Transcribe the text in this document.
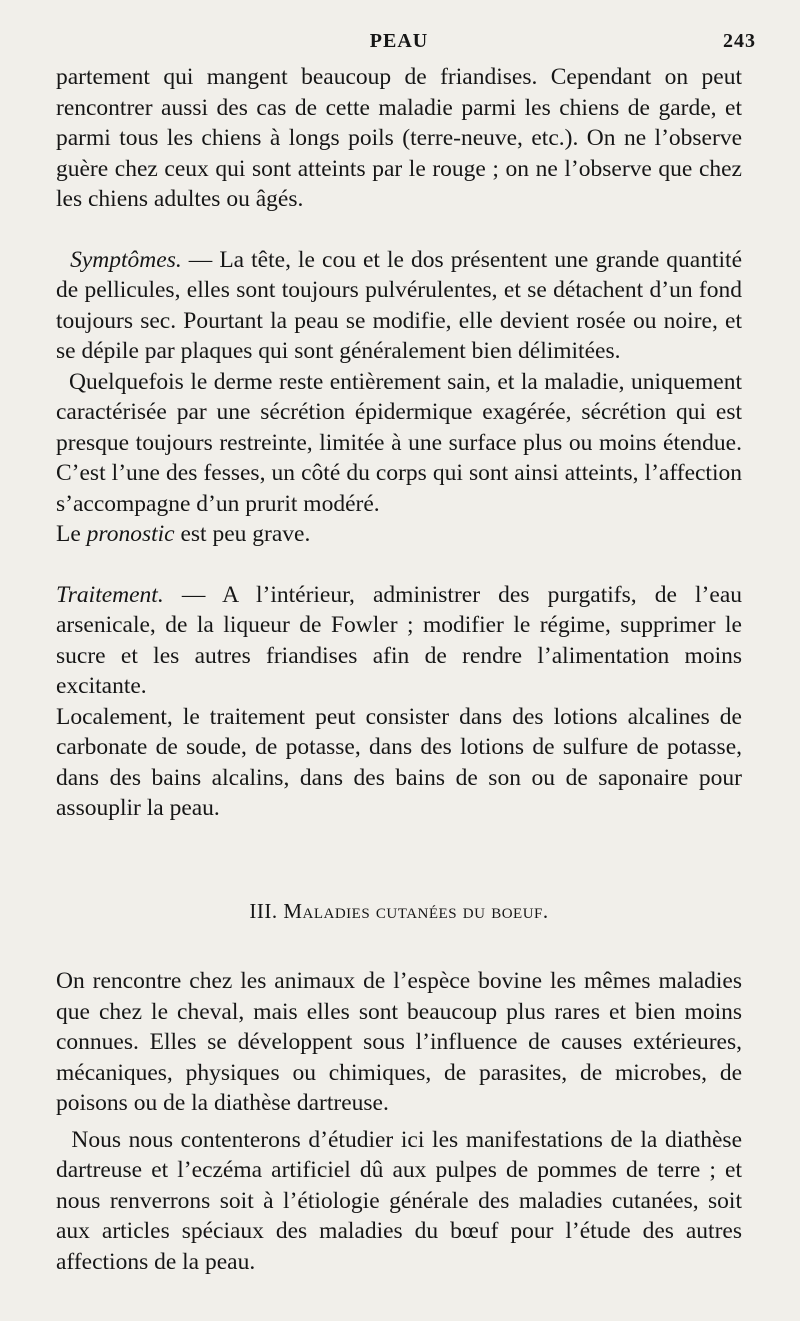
PEAU	243

partement qui mangent beaucoup de friandises. Cependant on peut rencontrer aussi des cas de cette maladie parmi les chiens de garde, et parmi tous les chiens à longs poils (terre-neuve, etc.). On ne l’observe guère chez ceux qui sont atteints par le rouge ; on ne l’observe que chez les chiens adultes ou âgés.

Symptômes. — La tête, le cou et le dos présentent une grande quantité de pellicules, elles sont toujours pulvérulentes, et se détachent d’un fond toujours sec. Pourtant la peau se modifie, elle devient rosée ou noire, et se dépile par plaques qui sont généralement bien délimitées.

Quelquefois le derme reste entièrement sain, et la maladie, uniquement caractérisée par une sécrétion épidermique exagérée, sécrétion qui est presque toujours restreinte, limitée à une surface plus ou moins étendue. C’est l’une des fesses, un côté du corps qui sont ainsi atteints, l’affection s’accompagne d’un prurit modéré.

Le pronostic est peu grave.

Traitement. — A l’intérieur, administrer des purgatifs, de l’eau arsenicale, de la liqueur de Fowler ; modifier le régime, supprimer le sucre et les autres friandises afin de rendre l’alimentation moins excitante.

Localement, le traitement peut consister dans des lotions alcalines de carbonate de soude, de potasse, dans des lotions de sulfure de potasse, dans des bains alcalins, dans des bains de son ou de saponaire pour assouplir la peau.

III. Maladies cutanées du boeuf.

On rencontre chez les animaux de l’espèce bovine les mêmes maladies que chez le cheval, mais elles sont beaucoup plus rares et bien moins connues. Elles se développent sous l’influence de causes extérieures, mécaniques, physiques ou chimiques, de parasites, de microbes, de poisons ou de la diathèse dartreuse.

Nous nous contenterons d’étudier ici les manifestations de la diathèse dartreuse et l’eczéma artificiel dû aux pulpes de pommes de terre ; et nous renverrons soit à l’étiologie générale des maladies cutanées, soit aux articles spéciaux des maladies du bœuf pour l’étude des autres affections de la peau.
